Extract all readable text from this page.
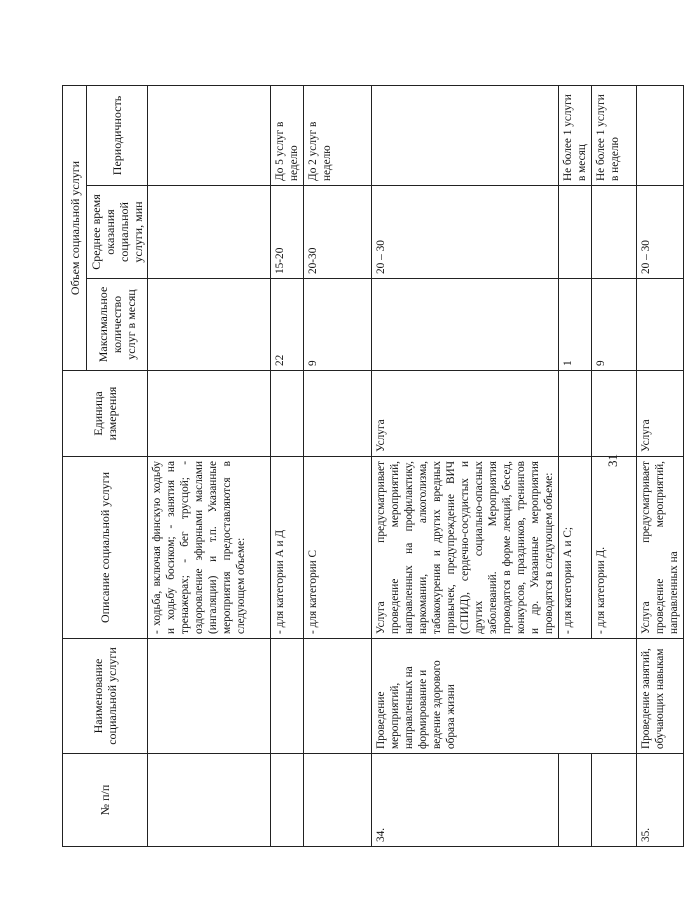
31
№ п/п	Наименование социальной услуги	Описание социальной услуги	Единица измерения	Объем социальной услуги		
				Максимальное количество услуг в месяц	Среднее время оказания социальной услуги, мин	Периодичность
		- ходьба, включая финскую ходьбу и ходьбу босиком; - занятия на тренажерах; - бег трусцой; - оздоровление эфирными маслами (ингаляции) и т.п. Указанные мероприятия предоставляются в следующем объеме:				
		- для категории А и Д		22	15-20	До 5 услуг в неделю
		- для категории С		9	20-30	До 2 услуг в неделю
34.	Проведение мероприятий, направленных на формирование и ведение здорового образа жизни	Услуга предусматривает проведение мероприятий, направленных на профилактику, наркомании, алкоголизма, табакокурения и других вредных привычек, предупреждение ВИЧ (СПИД), сердечно-сосудистых и других социально-опасных заболеваний. Мероприятия проводятся в форме лекций, бесед, конкурсов, праздников, тренингов и др. Указанные мероприятия проводятся в следующем объеме:	Услуга		20 – 30	
		- для категории А и С;		1		Не более 1 услуги в месяц
		- для категории Д.		9		Не более 1 услуги в неделю
35.	Проведение занятий, обучающих навыкам	Услуга предусматривает проведение мероприятий, направленных на	Услуга		20 – 30	
